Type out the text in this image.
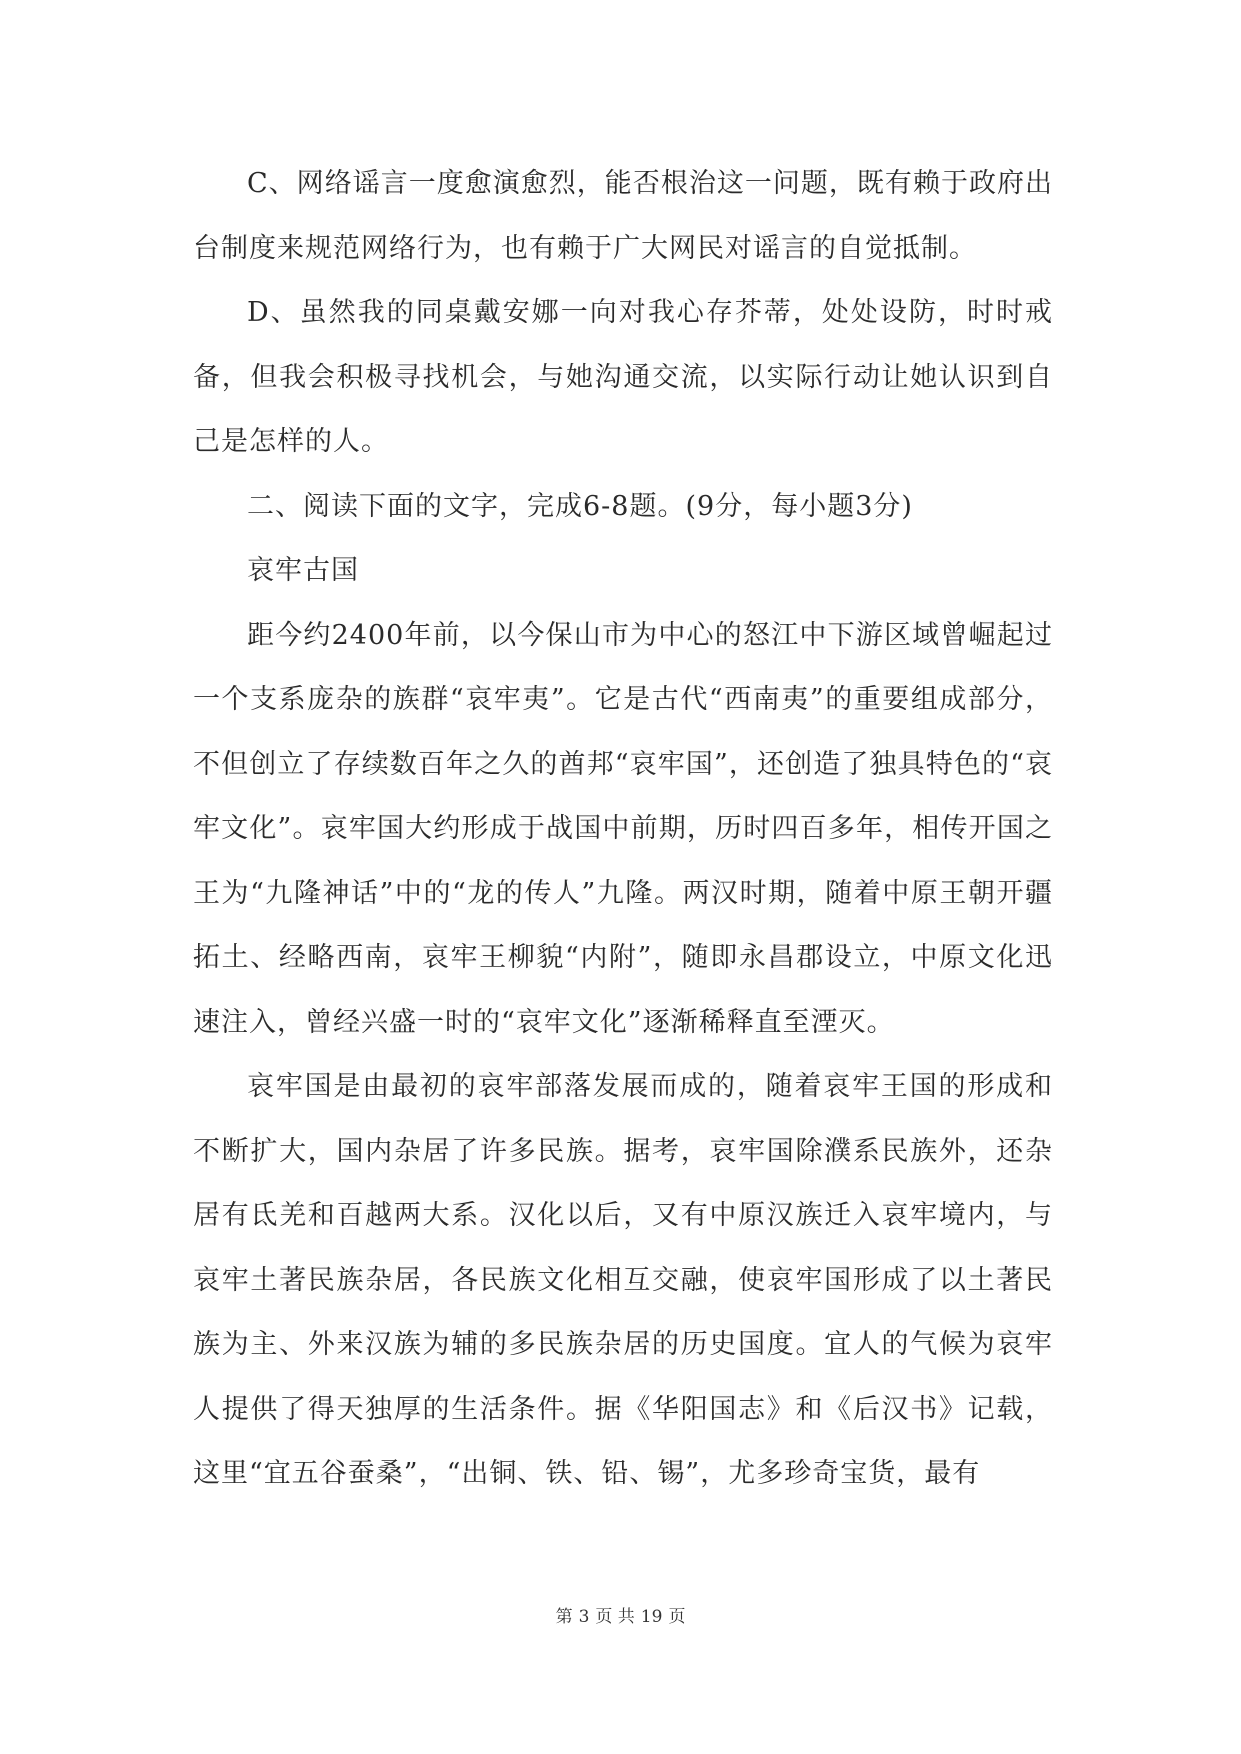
C、网络谣言一度愈演愈烈，能否根治这一问题，既有赖于政府出台制度来规范网络行为，也有赖于广大网民对谣言的自觉抵制。

D、虽然我的同桌戴安娜一向对我心存芥蒂，处处设防，时时戒备，但我会积极寻找机会，与她沟通交流，以实际行动让她认识到自己是怎样的人。

二、阅读下面的文字，完成6-8题。(9分，每小题3分)

哀牢古国

距今约2400年前，以今保山市为中心的怒江中下游区域曾崛起过一个支系庞杂的族群“哀牢夷”。它是古代“西南夷”的重要组成部分，不但创立了存续数百年之久的酋邦“哀牢国”，还创造了独具特色的“哀牢文化”。哀牢国大约形成于战国中前期，历时四百多年，相传开国之王为“九隆神话”中的“龙的传人”九隆。两汉时期，随着中原王朝开疆拓土、经略西南，哀牢王柳貌“内附”，随即永昌郡设立，中原文化迅速注入，曾经兴盛一时的“哀牢文化”逐渐稀释直至湮灭。

哀牢国是由最初的哀牢部落发展而成的，随着哀牢王国的形成和不断扩大，国内杂居了许多民族。据考，哀牢国除濮系民族外，还杂居有氐羌和百越两大系。汉化以后，又有中原汉族迁入哀牢境内，与哀牢土著民族杂居，各民族文化相互交融，使哀牢国形成了以土著民族为主、外来汉族为辅的多民族杂居的历史国度。宜人的气候为哀牢人提供了得天独厚的生活条件。据《华阳国志》和《后汉书》记载，这里“宜五谷蚕桑”，“出铜、铁、铅、锡”，尤多珍奇宝货，最有

第 3 页 共 19 页
